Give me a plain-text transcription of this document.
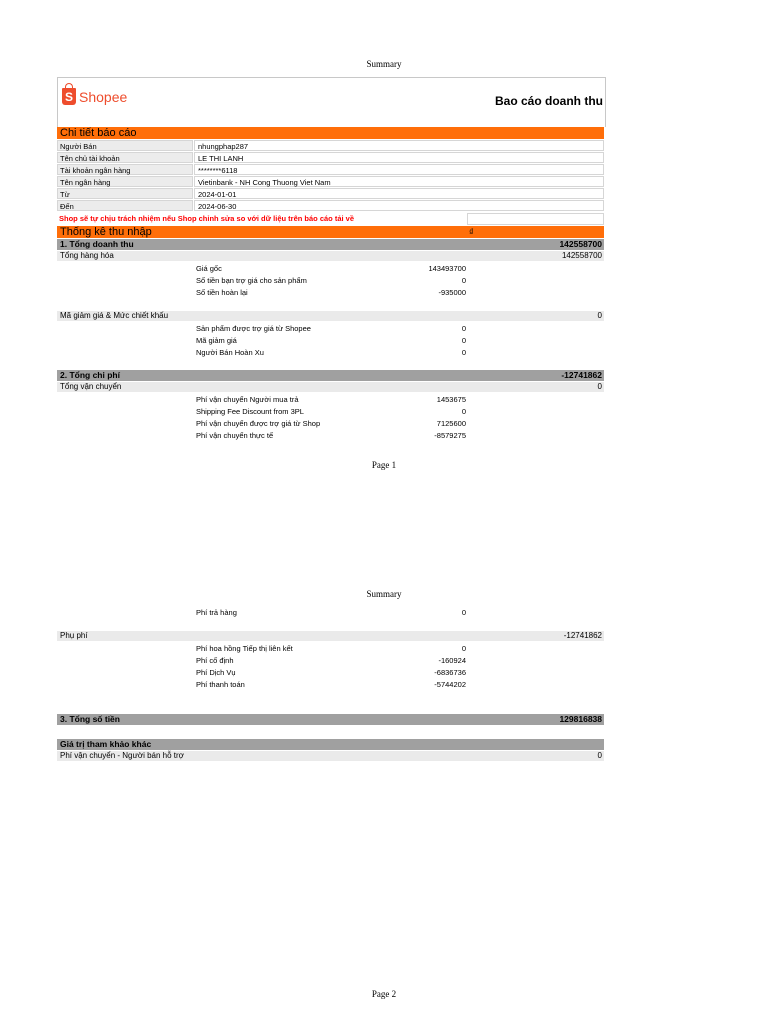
Summary
S Shopee	Bao cáo doanh thu
Chi tiết báo cáo
Người Bán	nhungphap287
Tên chủ tài khoản	LE THI LANH
Tài khoản ngân hàng	********6118
Tên ngân hàng	Vietinbank - NH Cong Thuong Viet Nam
Từ	2024-01-01
Đến	2024-06-30
Shop sẽ tự chịu trách nhiệm nếu Shop chỉnh sửa so với dữ liệu trên báo cáo tải về
Thống kê thu nhập	₫
1. Tổng doanh thu	142558700
Tổng hàng hóa	142558700
Giá gốc	143493700
Số tiền bạn trợ giá cho sản phẩm	0
Số tiền hoàn lại	-935000
Mã giảm giá & Mức chiết khấu	0
Sản phẩm được trợ giá từ Shopee	0
Mã giảm giá	0
Người Bán Hoàn Xu	0
2. Tổng chi phí	-12741862
Tổng vận chuyển	0
Phí vận chuyển Người mua trả	1453675
Shipping Fee Discount from 3PL	0
Phí vận chuyển được trợ giá từ Shop	7125600
Phí vận chuyển thực tế	-8579275
Page 1
Summary
Phí trả hàng	0
Phụ phí	-12741862
Phí hoa hồng Tiếp thị liên kết	0
Phí cố định	-160924
Phí Dịch Vụ	-6836736
Phí thanh toán	-5744202
3. Tổng số tiền	129816838
Giá trị tham khảo khác
Phí vận chuyển - Người bán hỗ trợ	0
Page 2
